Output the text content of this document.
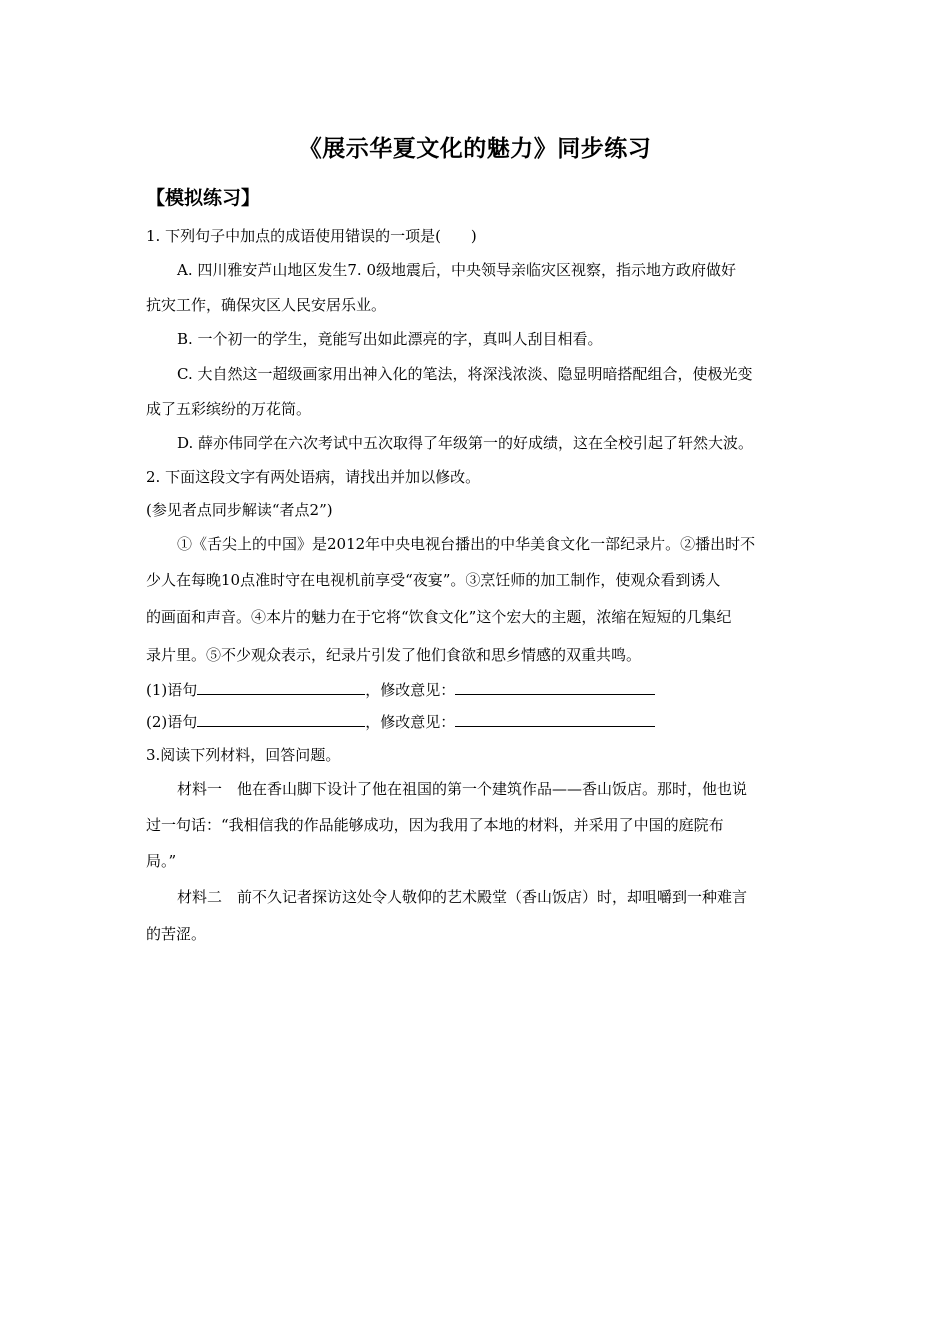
《展示华夏文化的魅力》同步练习
【模拟练习】
1. 下列句子中加点的成语使用错误的一项是(　　)
A. 四川雅安芦山地区发生7. 0级地震后，中央领导亲临灾区视察，指示地方政府做好
抗灾工作，确保灾区人民安居乐业。
B. 一个初一的学生，竟能写出如此漂亮的字，真叫人刮目相看。
C. 大自然这一超级画家用出神入化的笔法，将深浅浓淡、隐显明暗搭配组合，使极光变
成了五彩缤纷的万花筒。
D. 薛亦伟同学在六次考试中五次取得了年级第一的好成绩，这在全校引起了轩然大波。
2. 下面这段文字有两处语病，请找出并加以修改。
(参见者点同步解读“者点2”)
①《舌尖上的中国》是2012年中央电视台播出的中华美食文化一部纪录片。②播出时不
少人在每晚10点准时守在电视机前享受“夜宴”。③烹饪师的加工制作，使观众看到诱人
的画面和声音。④本片的魅力在于它将“饮食文化”这个宏大的主题，浓缩在短短的几集纪
录片里。⑤不少观众表示，纪录片引发了他们食欲和思乡情感的双重共鸣。
(1)语句	，修改意见：
(2)语句	，修改意见：
3.阅读下列材料，回答问题。
材料一　他在香山脚下设计了他在祖国的第一个建筑作品——香山饭店。那时，他也说
过一句话：“我相信我的作品能够成功，因为我用了本地的材料，并采用了中国的庭院布
局。”
材料二　前不久记者探访这处令人敬仰的艺术殿堂（香山饭店）时，却咀嚼到一种难言
的苦涩。
